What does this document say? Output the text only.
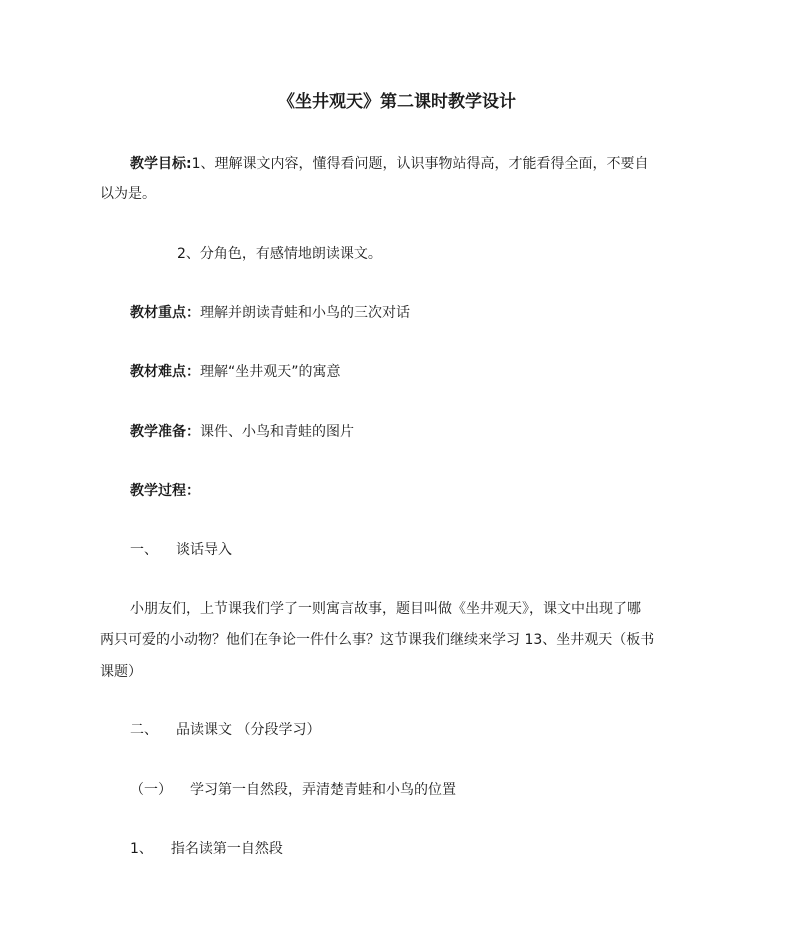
《坐井观天》第二课时教学设计
教学目标:1、理解课文内容，懂得看问题，认识事物站得高，才能看得全面，不要自
以为是。
2、分角色，有感情地朗读课文。
教材重点：理解并朗读青蛙和小鸟的三次对话
教材难点：理解“坐井观天”的寓意
教学准备：课件、小鸟和青蛙的图片
教学过程：
一、 谈话导入
小朋友们，上节课我们学了一则寓言故事，题目叫做《坐井观天》，课文中出现了哪
两只可爱的小动物？他们在争论一件什么事？这节课我们继续来学习 13、坐井观天（板书
课题）
二、 品读课文 （分段学习）
（一） 学习第一自然段，弄清楚青蛙和小鸟的位置
1、 指名读第一自然段
